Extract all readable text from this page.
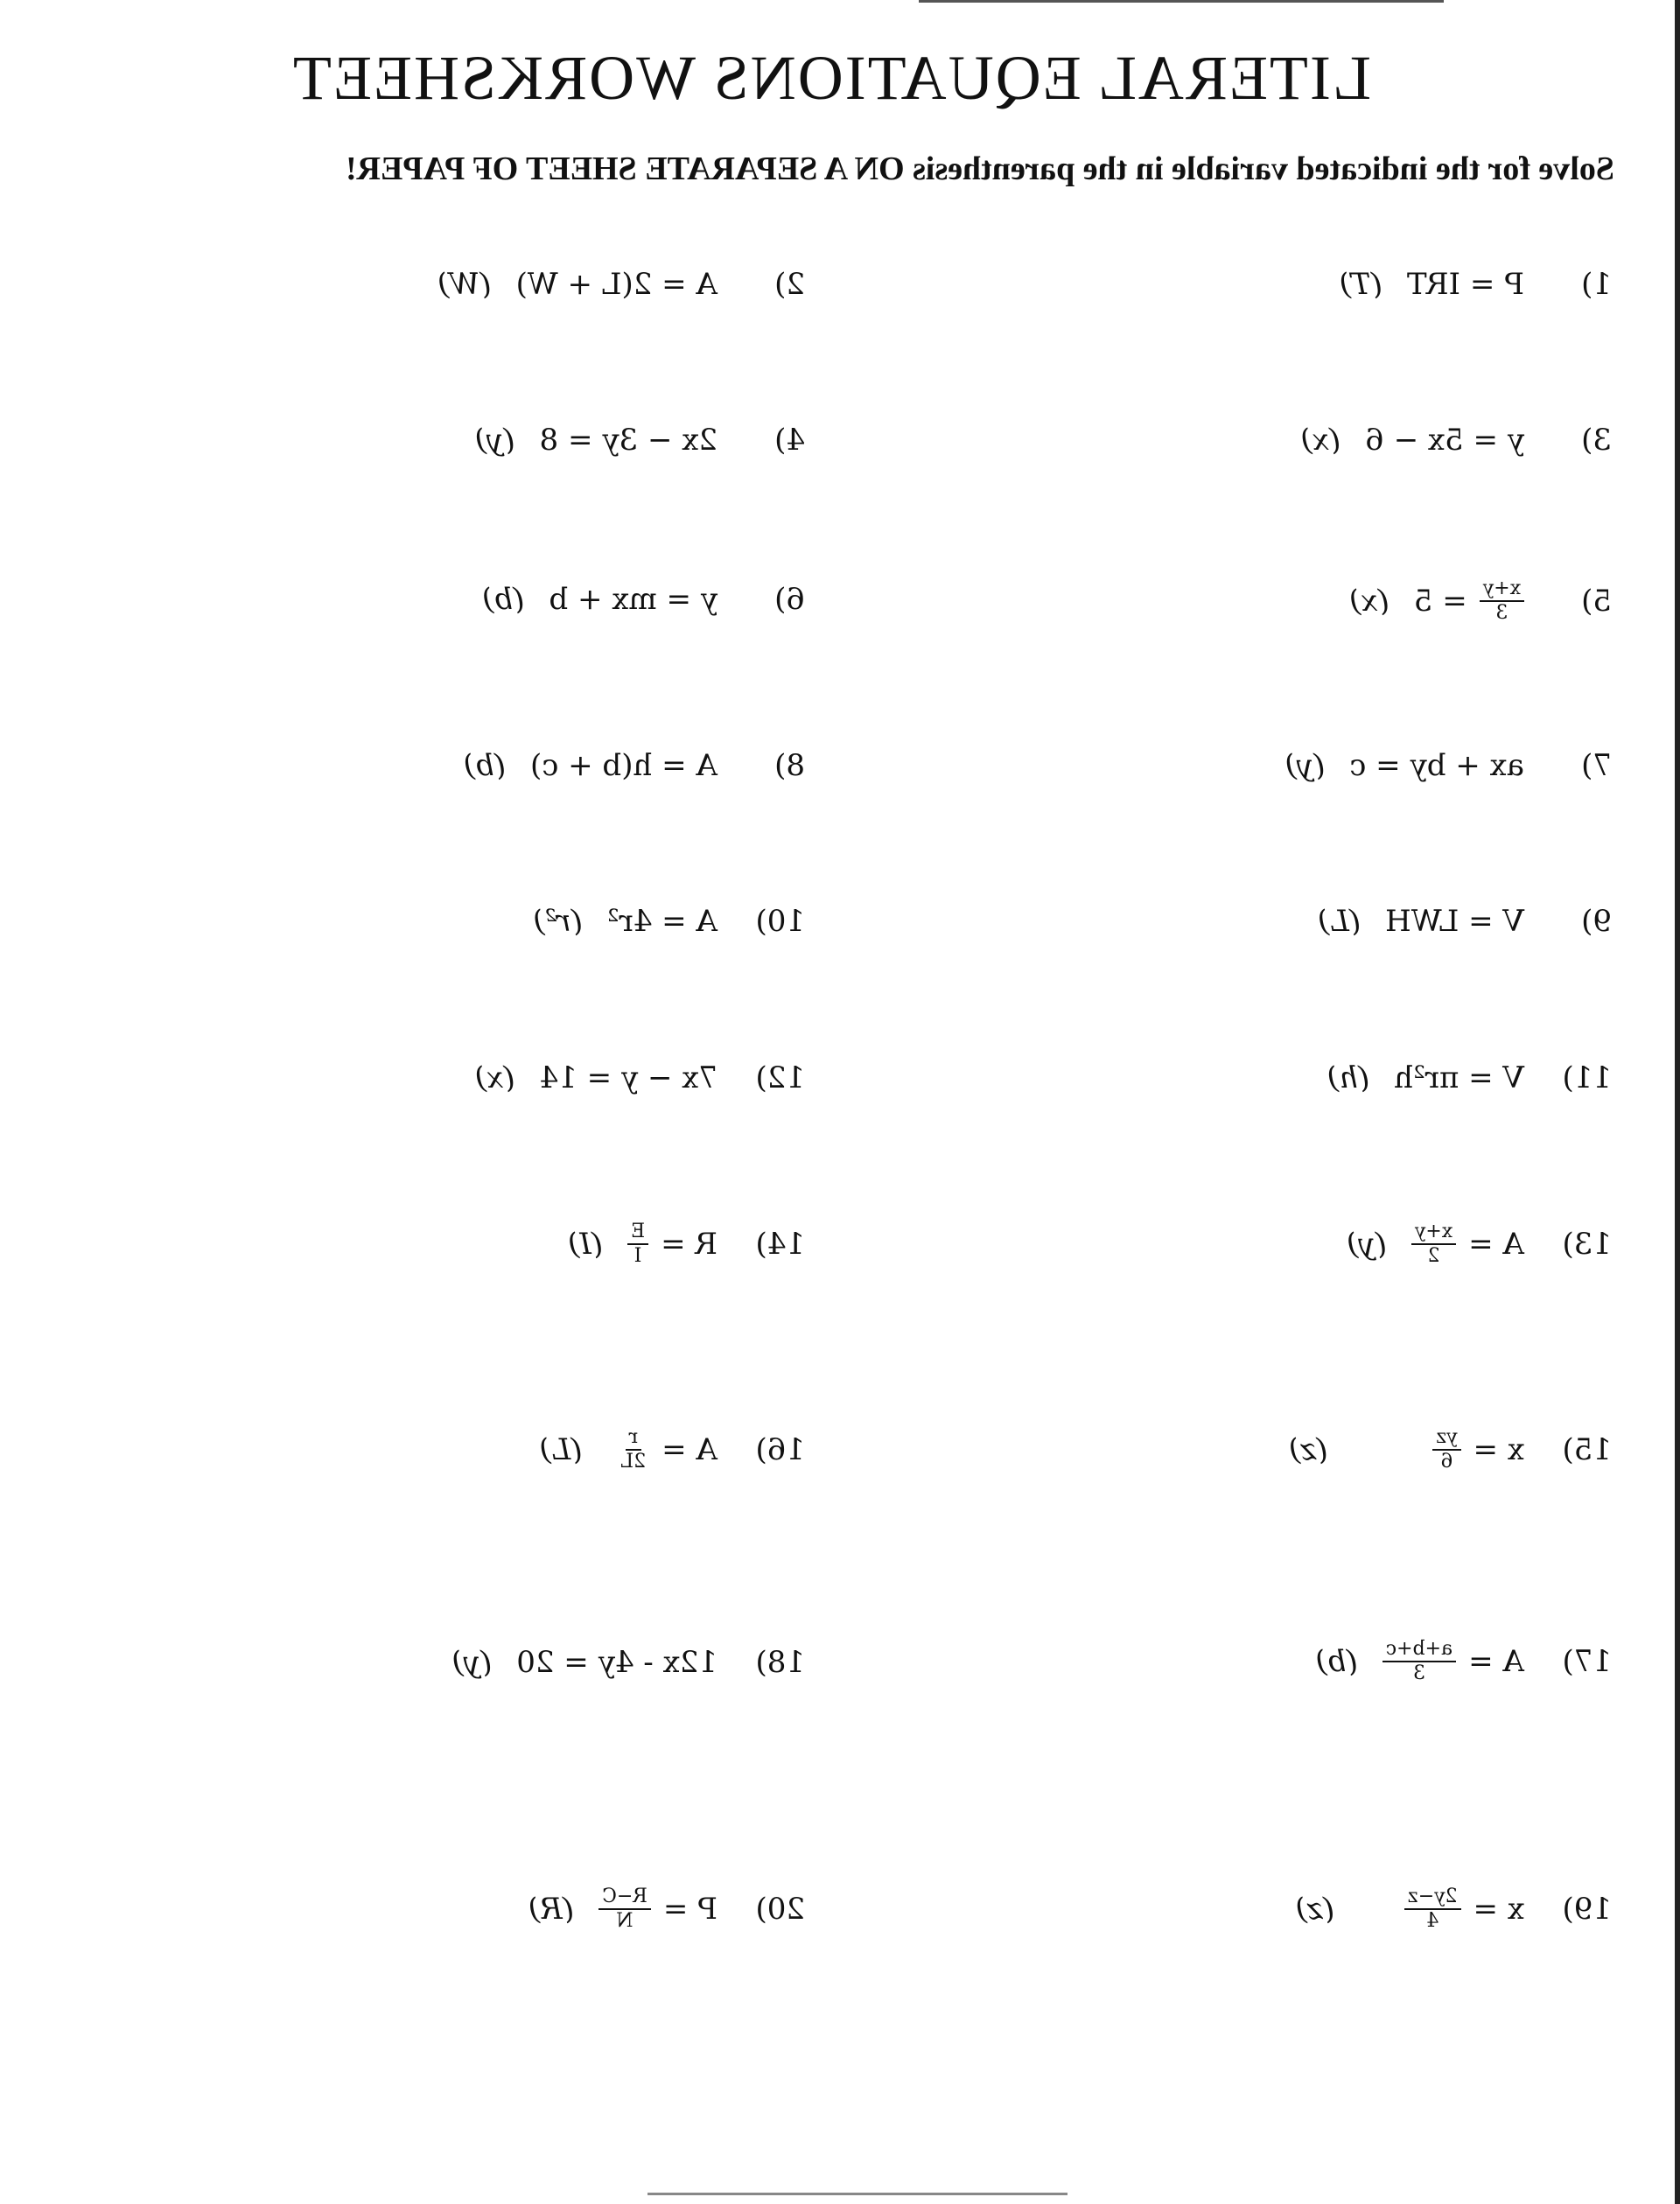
LITERAL EQUATIONS WORKSHEET

Solve for the indicated variable in the parenthesis ON A SEPARATE SHEET OF PAPER!

1)
P = IRT
(T)
2)
A = 2(L + W)
(W)
3)
y = 5x − 6
(x)
4)
2x − 3y = 8
(y)
5)
$\frac{x+y}{3}$
= 5
(x)
6)
y = mx + b
(b)
7)
ax + by = c
(y)
8)
A = h(b + c)
(b)
9)
V = LWH
(L)
10)
A = 4r²
(r²)
11)
V = πr²h
(h)
12)
7x − y = 14
(x)
13)
A =
$\frac{x+y}{2}$
(y)
14)
R =
$\frac{E}{I}$
(I)
15)
x =
$\frac{yz}{6}$
(z)
16)
A =
$\frac{r}{2L}$
(L)
17)
A =
$\frac{a+b+c}{3}$
(b)
18)
12x - 4y = 20
(y)
19)
x =
$\frac{2y-z}{4}$
(z)
20)
P =
$\frac{R-C}{N}$
(R)
